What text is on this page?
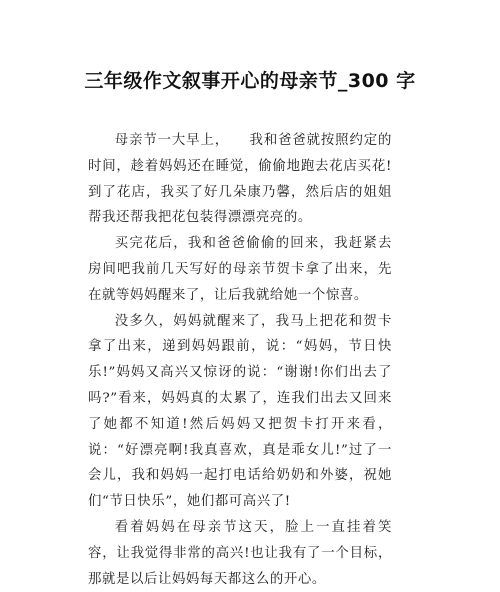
三年级作文叙事开心的母亲节_300 字

母亲节一大早上，    我和爸爸就按照约定的时间，趁着妈妈还在睡觉，偷偷地跑去花店买花!到了花店，我买了好几朵康乃馨，然后店的姐姐帮我还帮我把花包装得漂漂亮亮的。

买完花后，我和爸爸偷偷的回来，我赶紧去房间吧我前几天写好的母亲节贺卡拿了出来，先在就等妈妈醒来了，让后我就给她一个惊喜。

没多久，妈妈就醒来了，我马上把花和贺卡拿了出来，递到妈妈跟前，说：“妈妈，节日快乐!”妈妈又高兴又惊讶的说：“谢谢!你们出去了吗?”看来，妈妈真的太累了，连我们出去又回来了她都不知道!然后妈妈又把贺卡打开来看，说：“好漂亮啊!我真喜欢，真是乖女儿!”过了一会儿，我和妈妈一起打电话给奶奶和外婆，祝她们“节日快乐”，她们都可高兴了!

看着妈妈在母亲节这天，脸上一直挂着笑容，让我觉得非常的高兴!也让我有了一个目标，那就是以后让妈妈每天都这么的开心。
